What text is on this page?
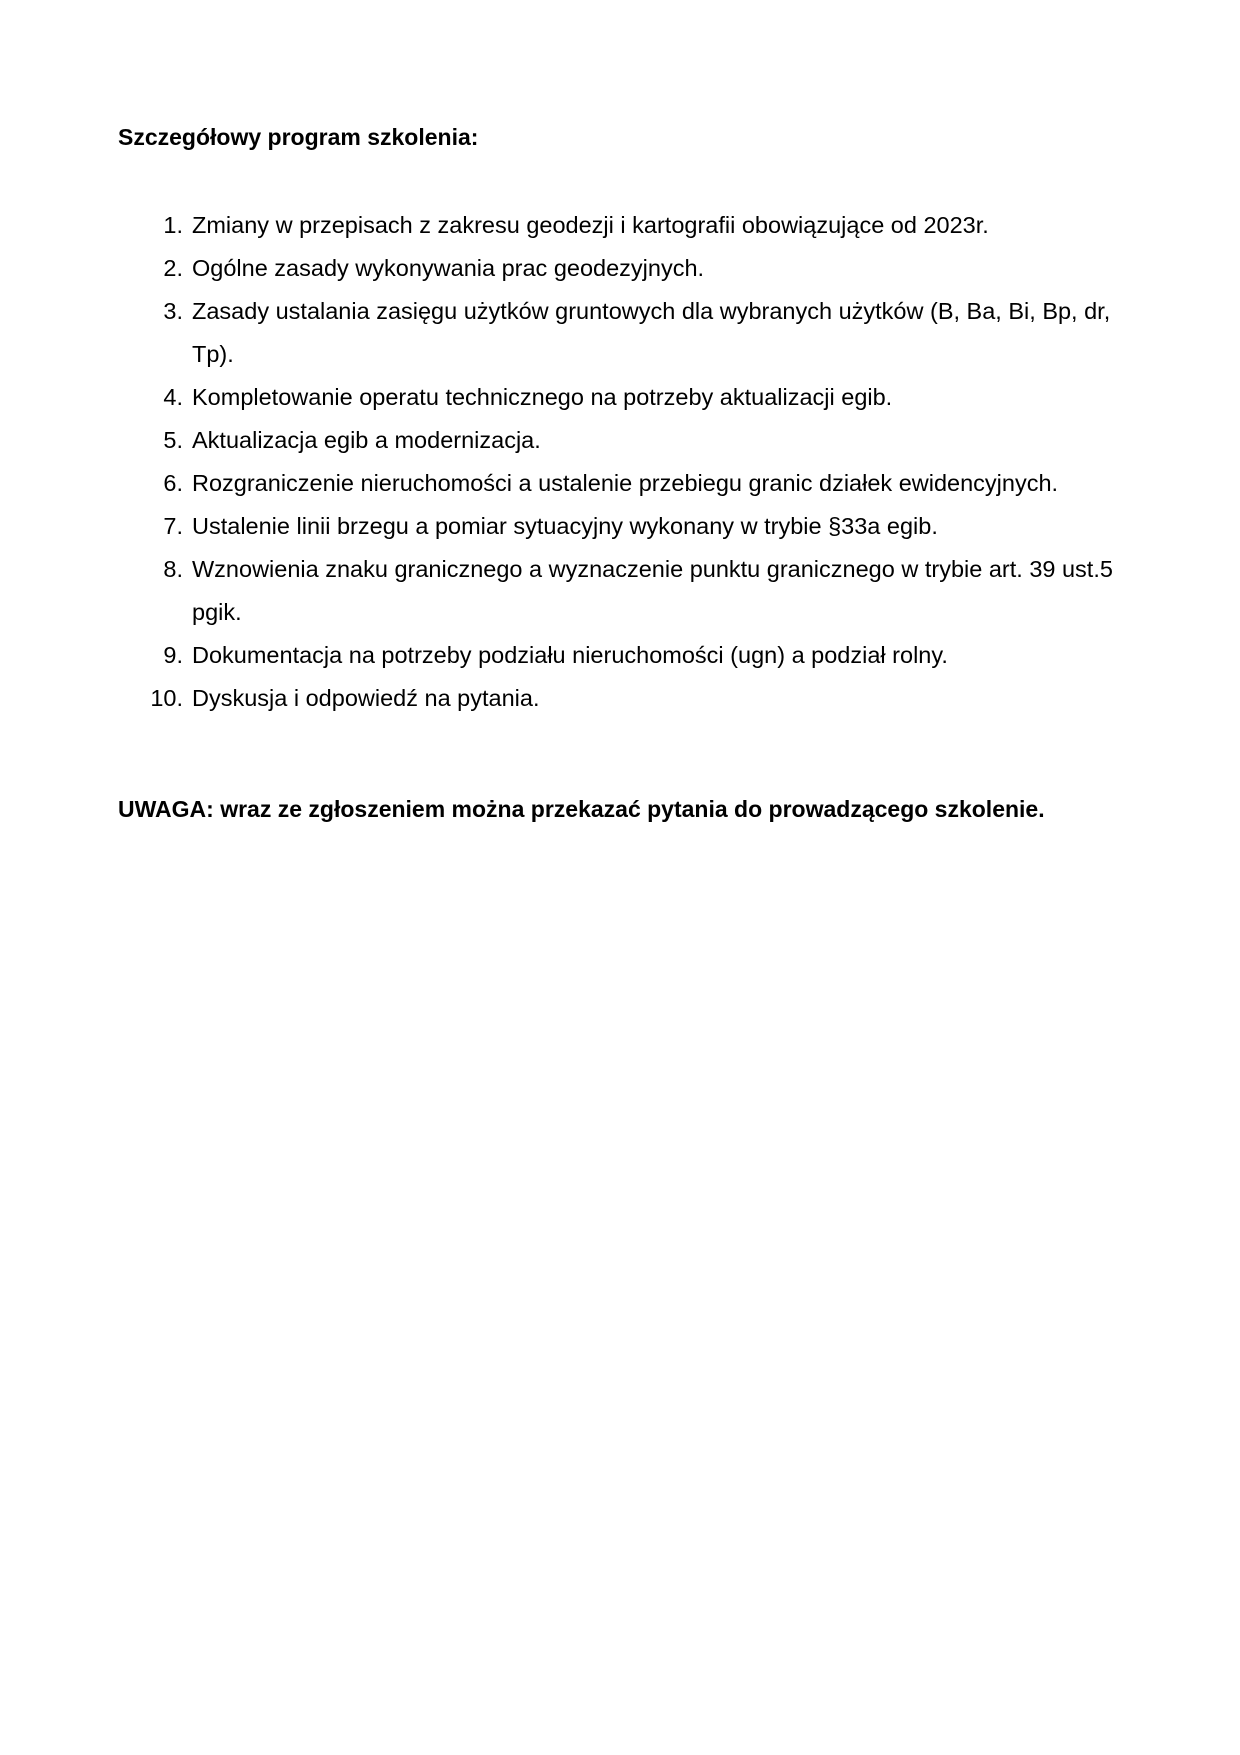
Szczegółowy program szkolenia:
1. Zmiany w przepisach z zakresu geodezji i kartografii obowiązujące od 2023r.
2. Ogólne zasady wykonywania prac geodezyjnych.
3. Zasady ustalania zasięgu użytków gruntowych dla wybranych użytków (B, Ba, Bi, Bp, dr, Tp).
4. Kompletowanie operatu technicznego na potrzeby aktualizacji egib.
5. Aktualizacja egib a modernizacja.
6. Rozgraniczenie nieruchomości a ustalenie przebiegu granic działek ewidencyjnych.
7. Ustalenie linii brzegu a pomiar sytuacyjny wykonany w trybie §33a egib.
8. Wznowienia znaku granicznego a wyznaczenie punktu granicznego w trybie art. 39 ust.5 pgik.
9. Dokumentacja na potrzeby podziału nieruchomości (ugn) a podział rolny.
10. Dyskusja i odpowiedź na pytania.
UWAGA: wraz ze zgłoszeniem można przekazać pytania do prowadzącego szkolenie.
